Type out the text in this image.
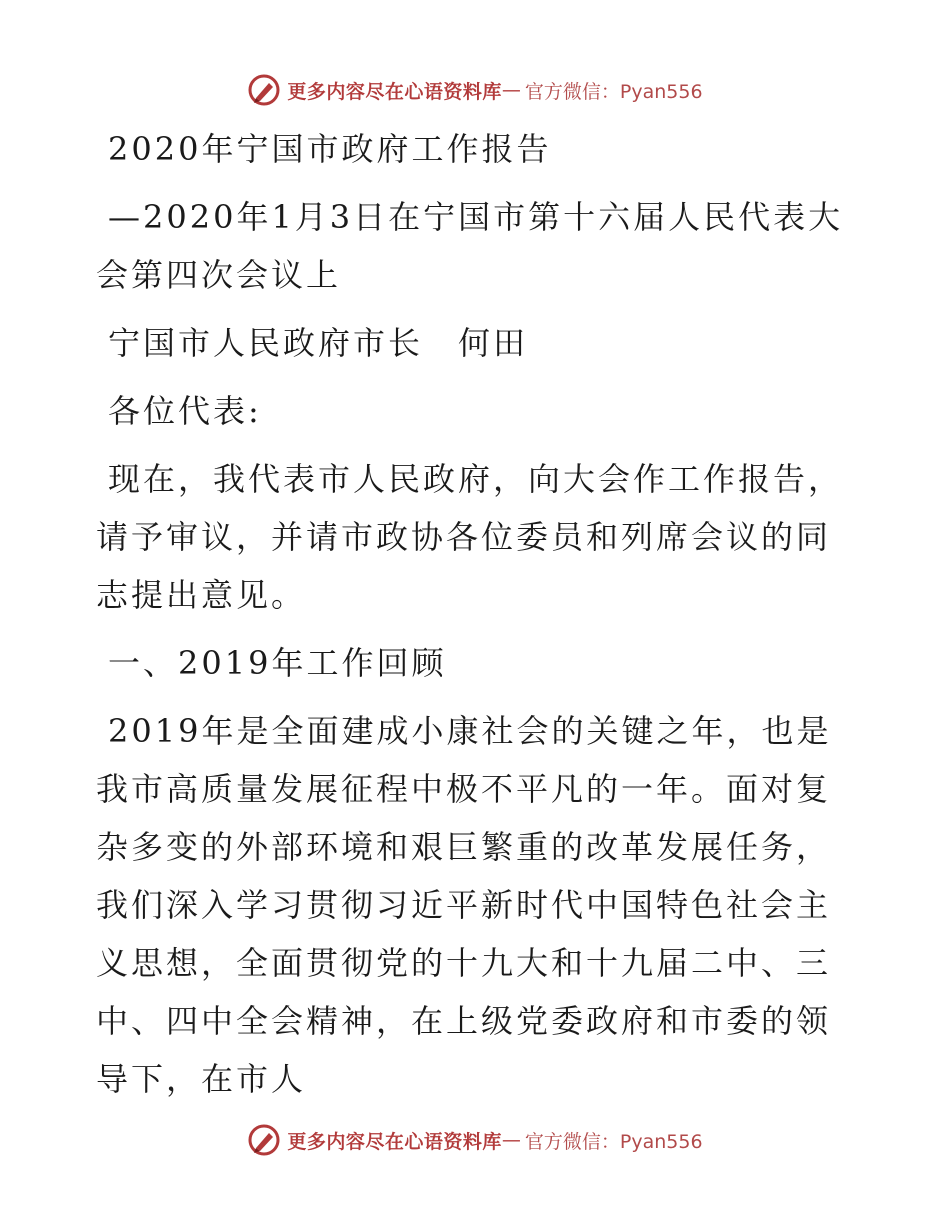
更多内容尽在心语资料库 — 官方微信：Pyan556

2020年宁国市政府工作报告

—2020年1月3日在宁国市第十六届人民代表大会第四次会议上

宁国市人民政府市长　何田

各位代表:

现在，我代表市人民政府，向大会作工作报告，请予审议，并请市政协各位委员和列席会议的同志提出意见。

一、2019年工作回顾

2019年是全面建成小康社会的关键之年，也是我市高质量发展征程中极不平凡的一年。面对复杂多变的外部环境和艰巨繁重的改革发展任务，我们深入学习贯彻习近平新时代中国特色社会主义思想，全面贯彻党的十九大和十九届二中、三中、四中全会精神，在上级党委政府和市委的领导下，在市人

更多内容尽在心语资料库 — 官方微信：Pyan556
